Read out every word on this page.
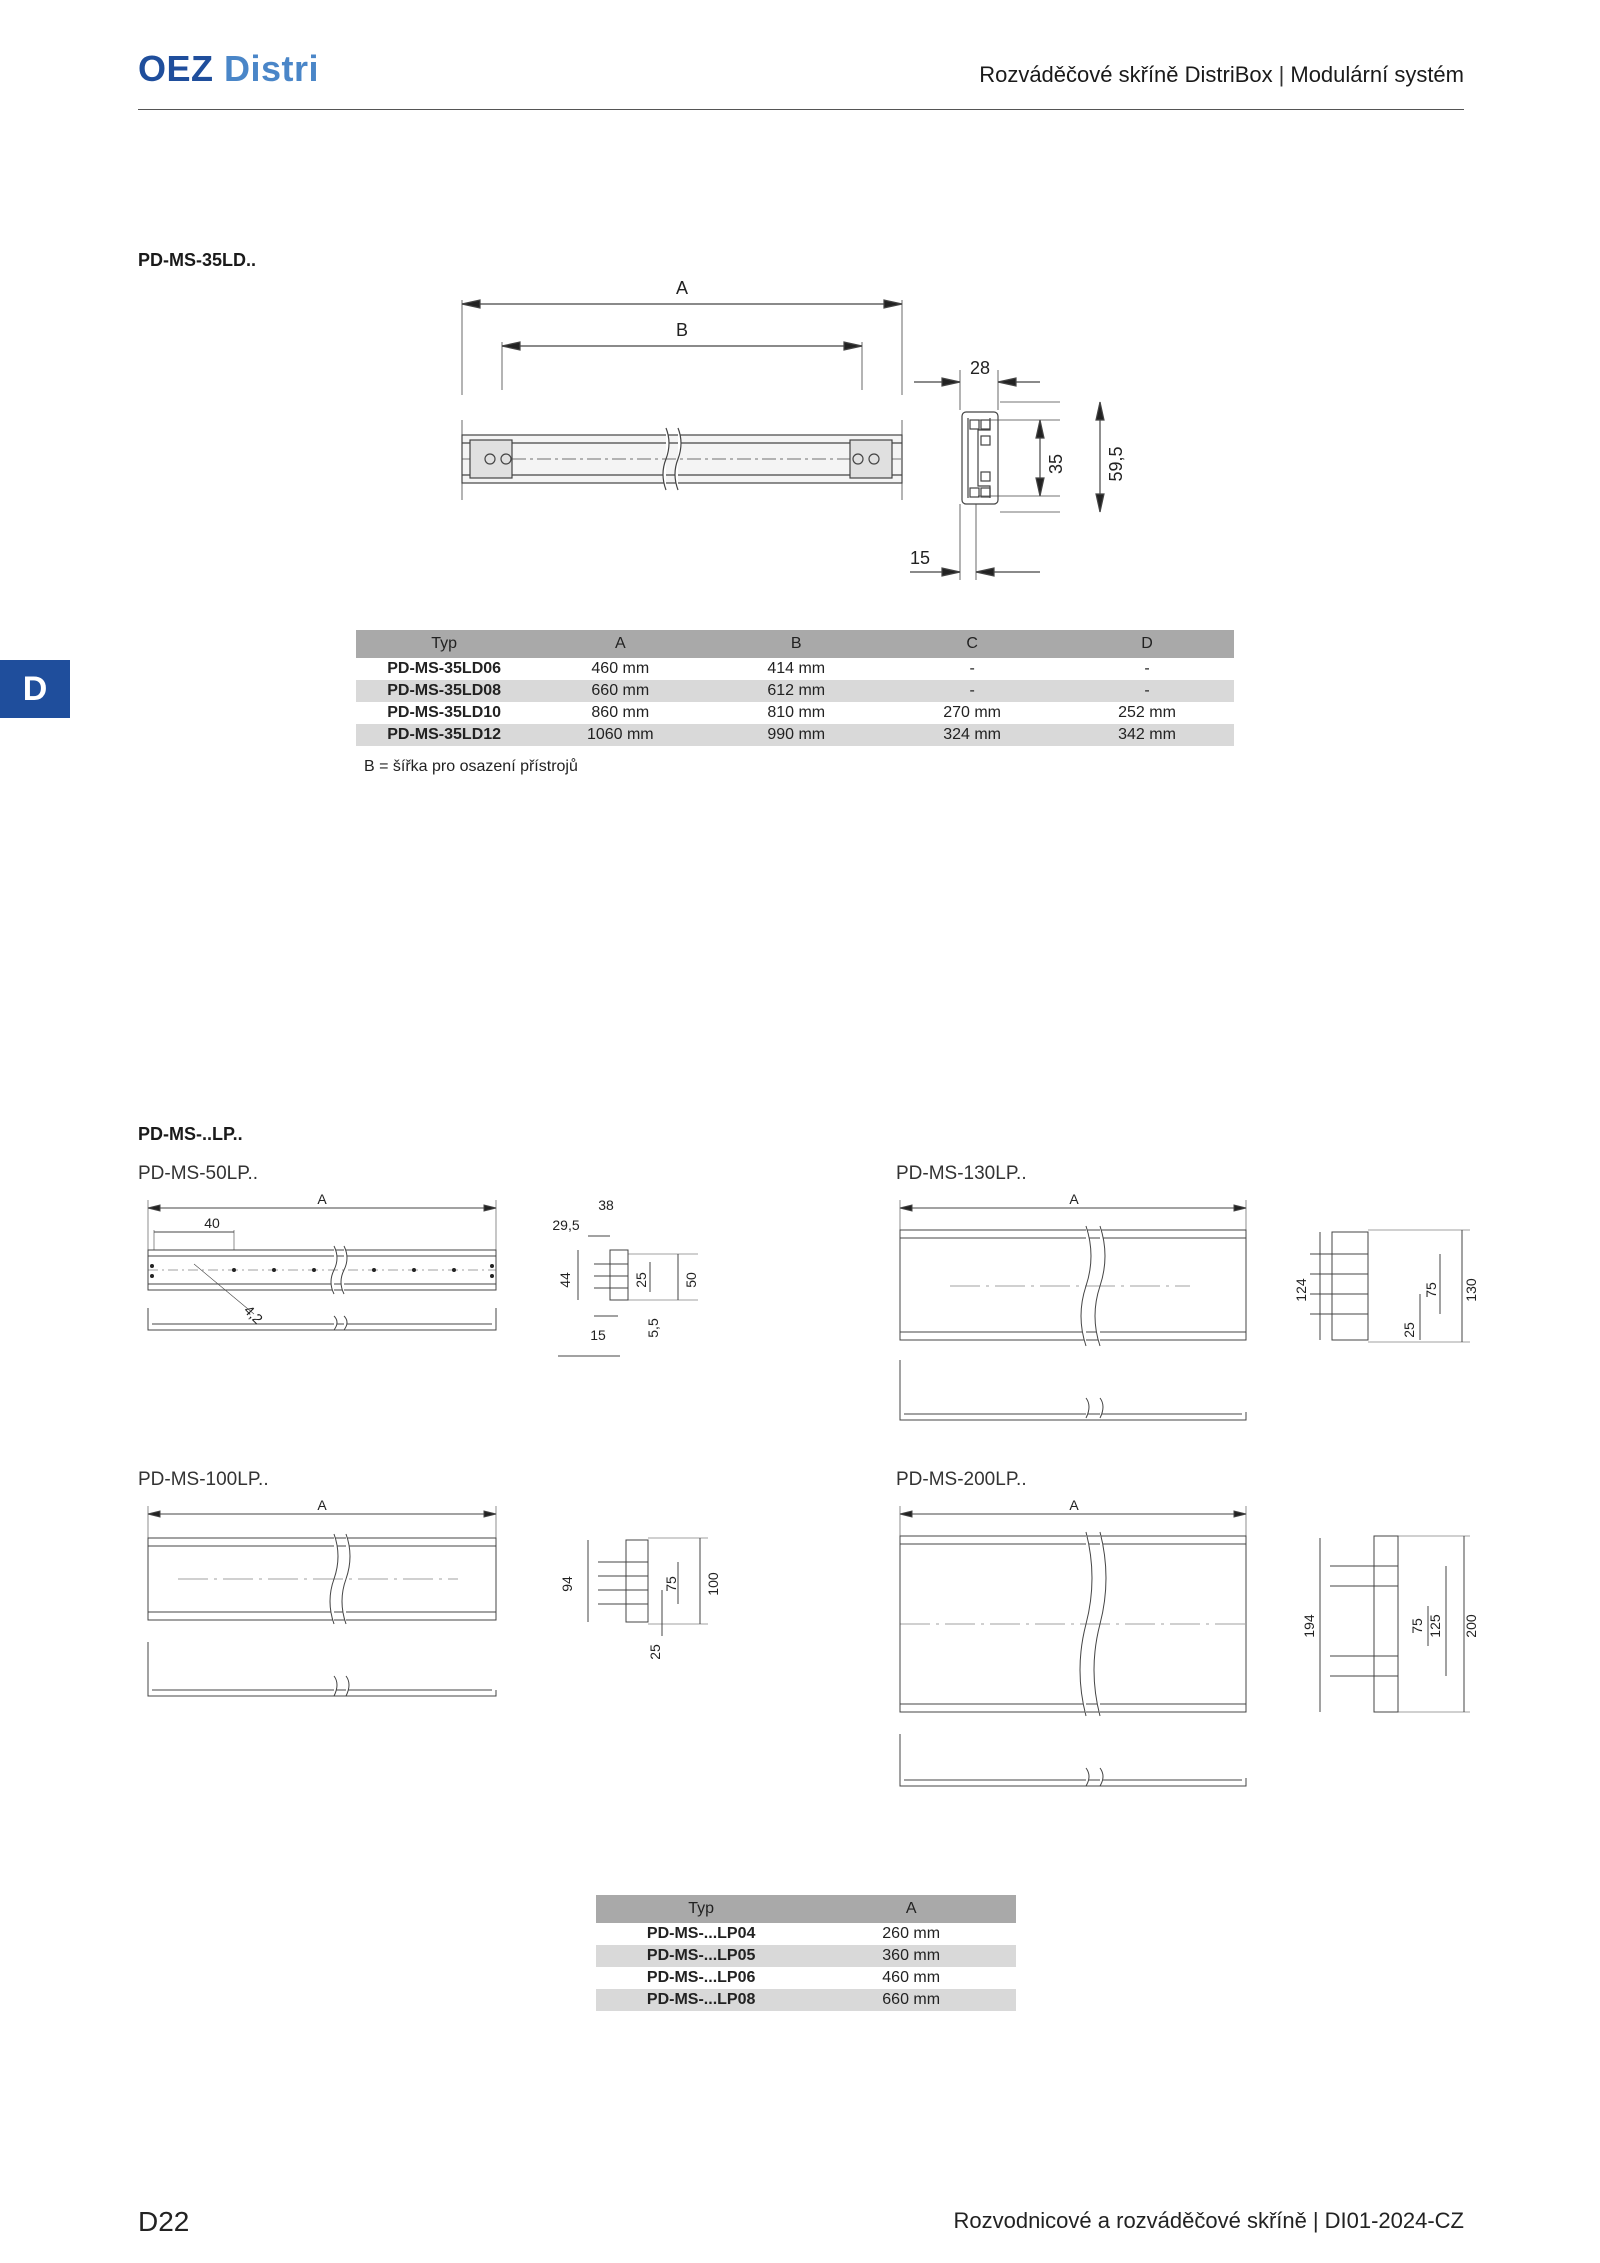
OEZ Distri	Rozváděčové skříně DistriBox | Modulární systém
D
PD-MS-35LD..
A
B
28
35 59,5
15
Typ	A	B	C	D
PD-MS-35LD06	460 mm	414 mm	-	-
PD-MS-35LD08	660 mm	612 mm	-	-
PD-MS-35LD10	860 mm	810 mm	270 mm	252 mm
PD-MS-35LD12	1060 mm	990 mm	324 mm	342 mm
B = šířka pro osazení přístrojů
PD-MS-..LP..
PD-MS-50LP..
A
40
4,2
38
29,5
44	25 50
5,5
15
PD-MS-130LP..
A
124	75 130
25
PD-MS-100LP..
A
94	75 100
25
PD-MS-200LP..
A
194	75 125 200
Typ	A
PD-MS-...LP04	260 mm
PD-MS-...LP05	360 mm
PD-MS-...LP06	460 mm
PD-MS-...LP08	660 mm
D22	Rozvodnicové a rozváděčové skříně | DI01-2024-CZ
